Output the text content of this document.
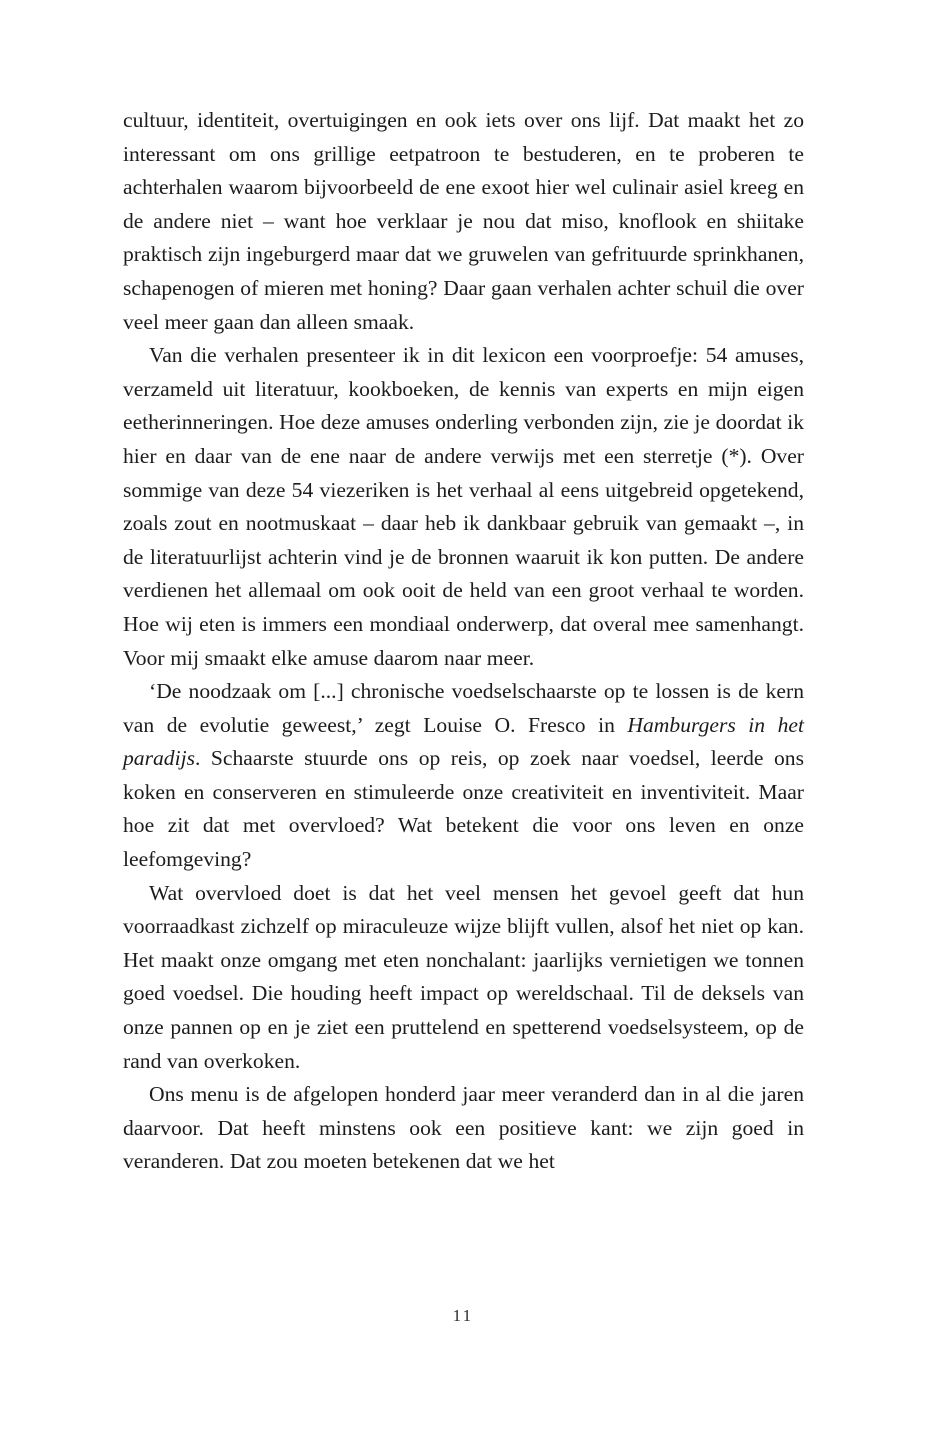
cultuur, identiteit, overtuigingen en ook iets over ons lijf. Dat maakt het zo interessant om ons grillige eetpatroon te bestuderen, en te proberen te achterhalen waarom bijvoorbeeld de ene exoot hier wel culinair asiel kreeg en de andere niet – want hoe verklaar je nou dat miso, knoflook en shiitake praktisch zijn ingeburgerd maar dat we gruwelen van gefrituurde sprinkhanen, schapenogen of mieren met honing? Daar gaan verhalen achter schuil die over veel meer gaan dan alleen smaak.

Van die verhalen presenteer ik in dit lexicon een voorproefje: 54 amuses, verzameld uit literatuur, kookboeken, de kennis van experts en mijn eigen eetherinneringen. Hoe deze amuses onderling verbonden zijn, zie je doordat ik hier en daar van de ene naar de andere verwijs met een sterretje (*). Over sommige van deze 54 viezeriken is het verhaal al eens uitgebreid opgetekend, zoals zout en nootmuskaat – daar heb ik dankbaar gebruik van gemaakt –, in de literatuurlijst achterin vind je de bronnen waaruit ik kon putten. De andere verdienen het allemaal om ook ooit de held van een groot verhaal te worden. Hoe wij eten is immers een mondiaal onderwerp, dat overal mee samenhangt. Voor mij smaakt elke amuse daarom naar meer.

‘De noodzaak om [...] chronische voedselschaarste op te lossen is de kern van de evolutie geweest,’ zegt Louise O. Fresco in Hamburgers in het paradijs. Schaarste stuurde ons op reis, op zoek naar voedsel, leerde ons koken en conserveren en stimuleerde onze creativiteit en inventiviteit. Maar hoe zit dat met overvloed? Wat betekent die voor ons leven en onze leefomgeving?

Wat overvloed doet is dat het veel mensen het gevoel geeft dat hun voorraadkast zichzelf op miraculeuze wijze blijft vullen, alsof het niet op kan. Het maakt onze omgang met eten nonchalant: jaarlijks vernietigen we tonnen goed voedsel. Die houding heeft impact op wereldschaal. Til de deksels van onze pannen op en je ziet een pruttelend en spetterend voedselsysteem, op de rand van overkoken.

Ons menu is de afgelopen honderd jaar meer veranderd dan in al die jaren daarvoor. Dat heeft minstens ook een positieve kant: we zijn goed in veranderen. Dat zou moeten betekenen dat we het

11
